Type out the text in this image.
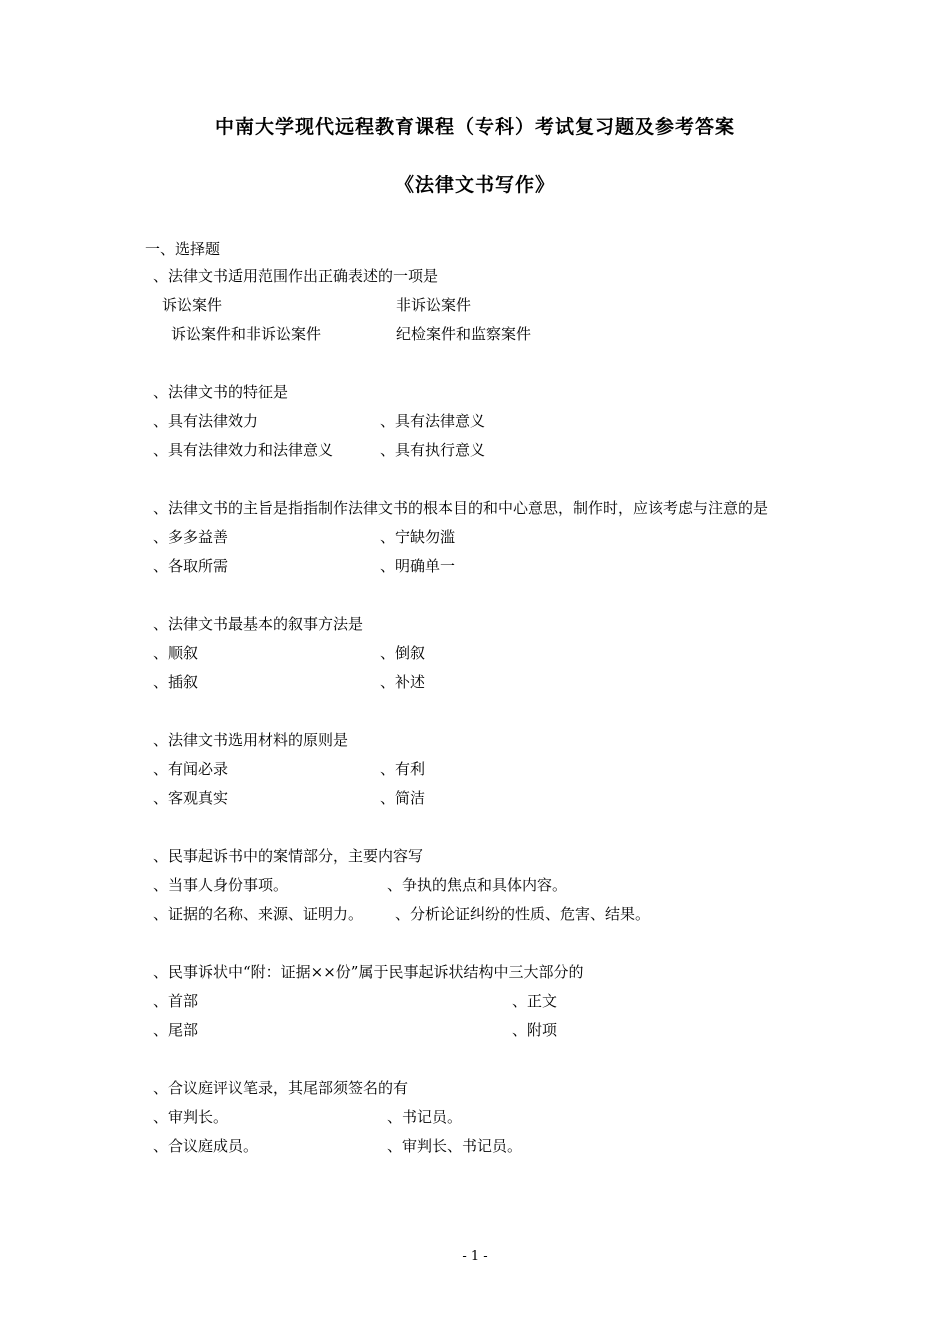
中南大学现代远程教育课程（专科）考试复习题及参考答案
《法律文书写作》
一、选择题
、法律文书适用范围作出正确表述的一项是
诉讼案件	非诉讼案件
诉讼案件和非诉讼案件	纪检案件和监察案件
、法律文书的特征是
、具有法律效力	、具有法律意义
、具有法律效力和法律意义	、具有执行意义
、法律文书的主旨是指指制作法律文书的根本目的和中心意思，制作时，应该考虑与注意的是
、多多益善	、宁缺勿滥
、各取所需	、明确单一
、法律文书最基本的叙事方法是
、顺叙	、倒叙
、插叙	、补述
、法律文书选用材料的原则是
、有闻必录	、有利
、客观真实	、简洁
、民事起诉书中的案情部分，主要内容写
、当事人身份事项。	、争执的焦点和具体内容。
、证据的名称、来源、证明力。 、分析论证纠纷的性质、危害、结果。
、民事诉状中“附：证据××份”属于民事起诉状结构中三大部分的
、首部	、正文
、尾部	、附项
、合议庭评议笔录，其尾部须签名的有
、审判长。	、书记员。
、合议庭成员。	、审判长、书记员。
- 1 -
